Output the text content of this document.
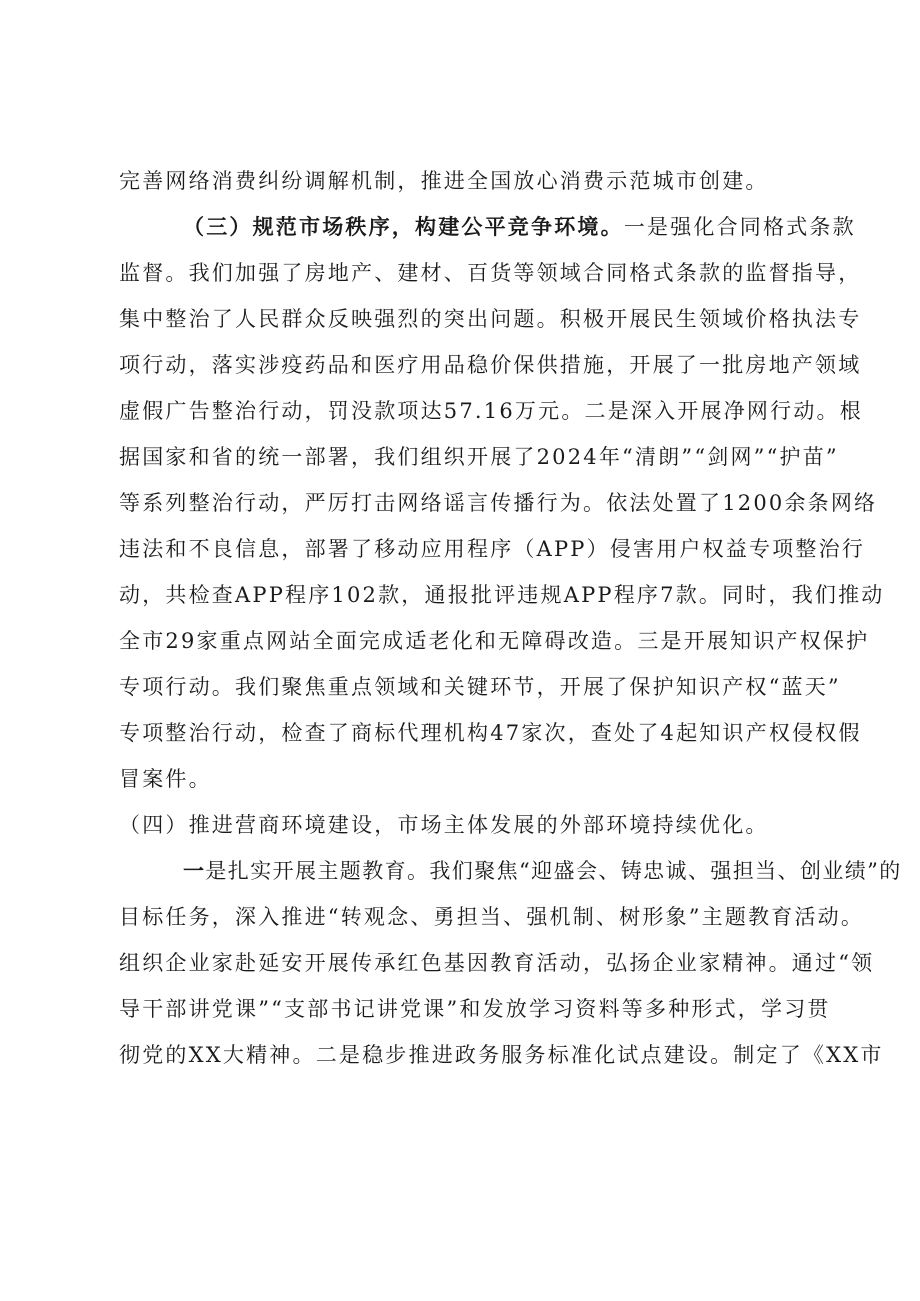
完善网络消费纠纷调解机制，推进全国放心消费示范城市创建。
（三）规范市场秩序，构建公平竞争环境。一是强化合同格式条款
监督。我们加强了房地产、建材、百货等领域合同格式条款的监督指导，
集中整治了人民群众反映强烈的突出问题。积极开展民生领域价格执法专
项行动，落实涉疫药品和医疗用品稳价保供措施，开展了一批房地产领域
虚假广告整治行动，罚没款项达57.16万元。二是深入开展净网行动。根
据国家和省的统一部署，我们组织开展了2024年“清朗”“剑网”“护苗”
等系列整治行动，严厉打击网络谣言传播行为。依法处置了1200余条网络
违法和不良信息，部署了移动应用程序（APP）侵害用户权益专项整治行
动，共检查APP程序102款，通报批评违规APP程序7款。同时，我们推动
全市29家重点网站全面完成适老化和无障碍改造。三是开展知识产权保护
专项行动。我们聚焦重点领域和关键环节，开展了保护知识产权“蓝天”
专项整治行动，检查了商标代理机构47家次，查处了4起知识产权侵权假
冒案件。
（四）推进营商环境建设，市场主体发展的外部环境持续优化。
一是扎实开展主题教育。我们聚焦“迎盛会、铸忠诚、强担当、创业绩”的
目标任务，深入推进“转观念、勇担当、强机制、树形象”主题教育活动。
组织企业家赴延安开展传承红色基因教育活动，弘扬企业家精神。通过“领
导干部讲党课”“支部书记讲党课”和发放学习资料等多种形式，学习贯
彻党的XX大精神。二是稳步推进政务服务标准化试点建设。制定了《XX市
